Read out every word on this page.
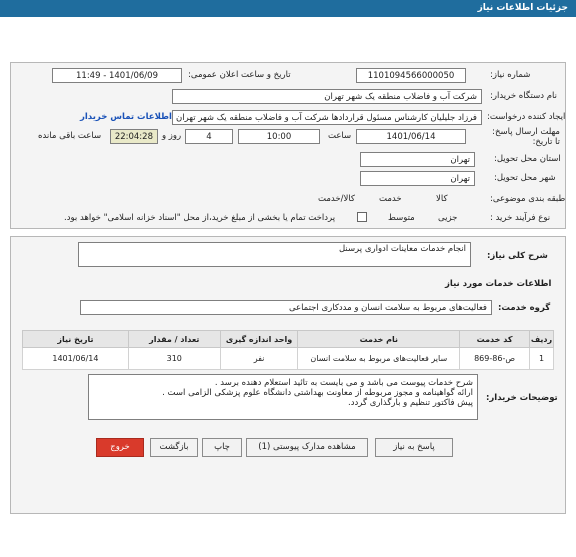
جزئیات اطلاعات نیاز
شماره نیاز:
1101094566000050
تاریخ و ساعت اعلان عمومی:
1401/06/09 - 11:49
نام دستگاه خریدار:
شرکت آب و فاضلاب منطقه یک شهر تهران
ایجاد کننده درخواست:
فرزاد جلیلیان کارشناس مسئول قراردادها شرکت آب و فاضلاب منطقه یک شهر تهران
اطلاعات تماس خریدار
مهلت ارسال پاسخ: تا تاریخ:
1401/06/14
ساعت
10:00
4
روز و
22:04:28
ساعت باقی مانده
استان محل تحویل:
تهران
شهر محل تحویل:
تهران
طبقه بندی موضوعی:

کالا

خدمت

کالا/خدمت
نوع فرآیند خرید :

جزیی
متوسط
پرداخت تمام یا بخشی از مبلغ خرید،از محل "اسناد خزانه اسلامی" خواهد بود.
شرح کلی نیاز:
انجام خدمات معاینات ادواری پرسنل
اطلاعات خدمات مورد نیاز
گروه خدمت:
فعالیت‌های مربوط به سلامت انسان و مددکاری اجتماعی
ردیف	کد خدمت	نام خدمت	واحد اندازه گیری	تعداد / مقدار	تاریخ نیاز
1	ص-86-869	سایر فعالیت‌های مربوط به سلامت انسان	نفر	310	1401/06/14
توضیحات خریدار:
شرح خدمات پیوست می باشد و می بایست به تائید استعلام دهنده برسد .
ارائه گواهینامه و مجوز مربوطه از معاونت بهداشتی دانشگاه علوم پزشکی الزامی است .
پیش فاکتور تنظیم و بارگذاری گردد.
پاسخ به نیاز
مشاهده مدارک پیوستی (1)
چاپ
بازگشت
خروج
